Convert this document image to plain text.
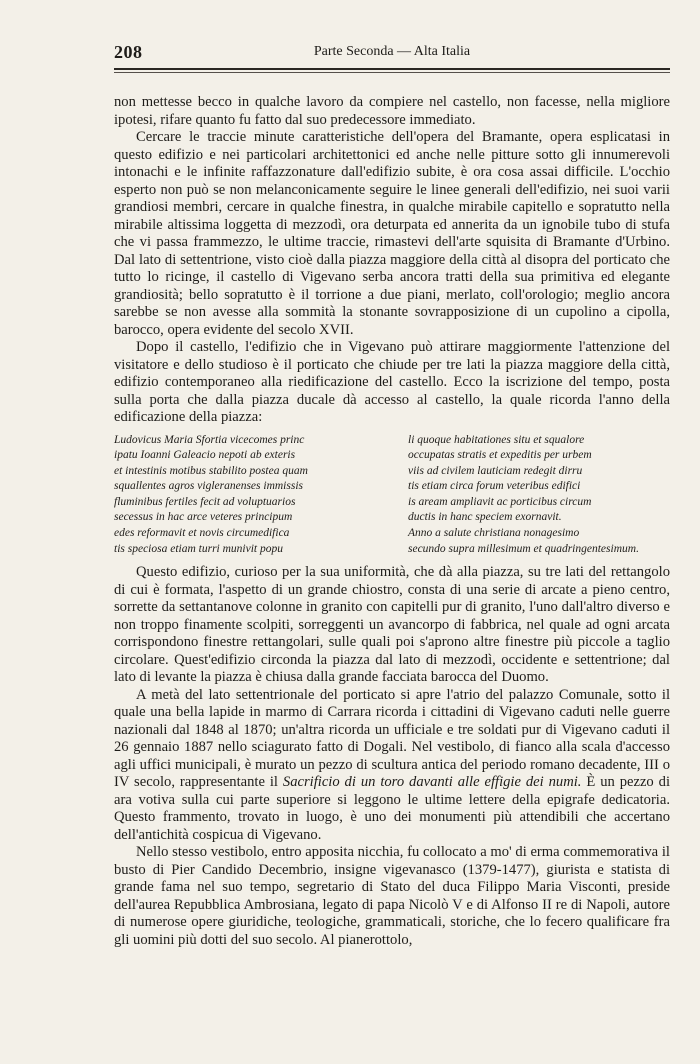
208	Parte Seconda — Alta Italia

non mettesse becco in qualche lavoro da compiere nel castello, non facesse, nella migliore ipotesi, rifare quanto fu fatto dal suo predecessore immediato.

Cercare le traccie minute caratteristiche dell'opera del Bramante, opera esplicatasi in questo edifizio e nei particolari architettonici ed anche nelle pitture sotto gli innumerevoli intonachi e le infinite raffazzonature dall'edifizio subite, è ora cosa assai difficile. L'occhio esperto non può se non melanconicamente seguire le linee generali dell'edifizio, nei suoi varii grandiosi membri, cercare in qualche finestra, in qualche mirabile capitello e sopratutto nella mirabile altissima loggetta di mezzodì, ora deturpata ed annerita da un ignobile tubo di stufa che vi passa frammezzo, le ultime traccie, rimastevi dell'arte squisita di Bramante d'Urbino. Dal lato di settentrione, visto cioè dalla piazza maggiore della città al disopra del porticato che tutto lo ricinge, il castello di Vigevano serba ancora tratti della sua primitiva ed elegante grandiosità; bello sopratutto è il torrione a due piani, merlato, coll'orologio; meglio ancora sarebbe se non avesse alla sommità la stonante sovrapposizione di un cupolino a cipolla, barocco, opera evidente del secolo XVII.

Dopo il castello, l'edifizio che in Vigevano può attirare maggiormente l'attenzione del visitatore e dello studioso è il porticato che chiude per tre lati la piazza maggiore della città, edifizio contemporaneo alla riedificazione del castello. Ecco la iscrizione del tempo, posta sulla porta che dalla piazza ducale dà accesso al castello, la quale ricorda l'anno della edificazione della piazza:

Ludovicus Maria Sfortia vicecomes princ
ipatu Ioanni Galeacio nepoti ab exteris
et intestinis motibus stabilito postea quam
squallentes agros vigleranenses immissis
fluminibus fertiles fecit ad voluptuarios
secessus in hac arce veteres principum
edes reformavit et novis circumedifica
tis speciosa etiam turri munivit popu
li quoque habitationes situ et squalore
occupatas stratis et expeditis per urbem
viis ad civilem lauticiam redegit dirru
tis etiam circa forum veteribus edifici
is aream ampliavit ac porticibus circum
ductis in hanc speciem exornavit.
Anno a salute christiana nonagesimo
secundo supra millesimum et quadringentesimum.

Questo edifizio, curioso per la sua uniformità, che dà alla piazza, su tre lati del rettangolo di cui è formata, l'aspetto di un grande chiostro, consta di una serie di arcate a pieno centro, sorrette da settantanove colonne in granito con capitelli pur di granito, l'uno dall'altro diverso e non troppo finamente scolpiti, sorreggenti un avancorpo di fabbrica, nel quale ad ogni arcata corrispondono finestre rettangolari, sulle quali poi s'aprono altre finestre più piccole a taglio circolare. Quest'edifizio circonda la piazza dal lato di mezzodì, occidente e settentrione; dal lato di levante la piazza è chiusa dalla grande facciata barocca del Duomo.

A metà del lato settentrionale del porticato si apre l'atrio del palazzo Comunale, sotto il quale una bella lapide in marmo di Carrara ricorda i cittadini di Vigevano caduti nelle guerre nazionali dal 1848 al 1870; un'altra ricorda un ufficiale e tre soldati pur di Vigevano caduti il 26 gennaio 1887 nello sciagurato fatto di Dogali. Nel vestibolo, di fianco alla scala d'accesso agli uffici municipali, è murato un pezzo di scultura antica del periodo romano decadente, III o IV secolo, rappresentante il Sacrificio di un toro davanti alle effigie dei numi. È un pezzo di ara votiva sulla cui parte superiore si leggono le ultime lettere della epigrafe dedicatoria. Questo frammento, trovato in luogo, è uno dei monumenti più attendibili che accertano dell'antichità cospicua di Vigevano.

Nello stesso vestibolo, entro apposita nicchia, fu collocato a mo' di erma commemorativa il busto di Pier Candido Decembrio, insigne vigevanasco (1379-1477), giurista e statista di grande fama nel suo tempo, segretario di Stato del duca Filippo Maria Visconti, preside dell'aurea Repubblica Ambrosiana, legato di papa Nicolò V e di Alfonso II re di Napoli, autore di numerose opere giuridiche, teologiche, grammaticali, storiche, che lo fecero qualificare fra gli uomini più dotti del suo secolo. Al pianerottolo,
